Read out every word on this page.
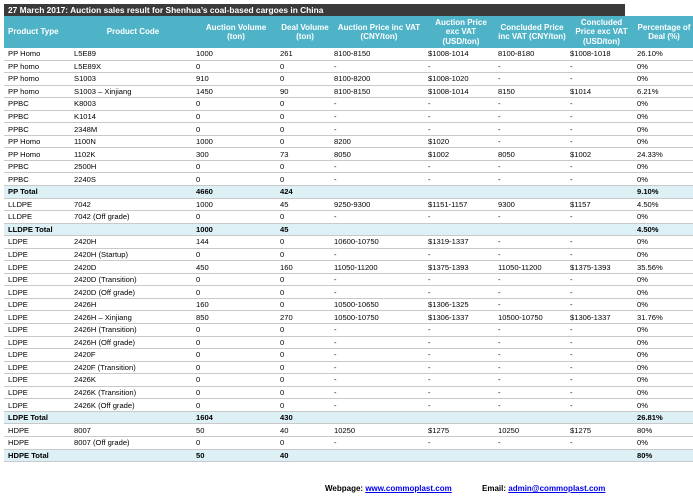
27 March 2017: Auction sales result for Shenhua’s coal-based cargoes in China
Product Type	Product Code	Auction Volume (ton)	Deal Volume (ton)	Auction Price inc VAT (CNY/ton)	Auction Price exc VAT (USD/ton)	Concluded Price inc VAT (CNY/ton)	Concluded Price exc VAT (USD/ton)	Percentage of Deal (%)
PP Homo	L5E89	1000	261	8100-8150	$1008-1014	8100-8180	$1008-1018	26.10%
PP homo	L5E89X	0	0	-	-	-	-	0%
PP homo	S1003	910	0	8100-8200	$1008-1020	-	-	0%
PP homo	S1003 – Xinjiang	1450	90	8100-8150	$1008-1014	8150	$1014	6.21%
PPBC	K8003	0	0	-	-	-	-	0%
PPBC	K1014	0	0	-	-	-	-	0%
PPBC	2348M	0	0	-	-	-	-	0%
PP Homo	1100N	1000	0	8200	$1020	-	-	0%
PP Homo	1102K	300	73	8050	$1002	8050	$1002	24.33%
PPBC	2500H	0	0	-	-	-	-	0%
PPBC	2240S	0	0	-	-	-	-	0%
PP Total		4660	424					9.10%
LLDPE	7042	1000	45	9250-9300	$1151-1157	9300	$1157	4.50%
LLDPE	7042 (Off grade)	0	0	-	-	-	-	0%
LLDPE Total		1000	45					4.50%
LDPE	2420H	144	0	10600-10750	$1319-1337	-	-	0%
LDPE	2420H (Startup)	0	0	-	-	-	-	0%
LDPE	2420D	450	160	11050-11200	$1375-1393	11050-11200	$1375-1393	35.56%
LDPE	2420D (Transition)	0	0	-	-	-	-	0%
LDPE	2420D (Off grade)	0	0	-	-	-	-	0%
LDPE	2426H	160	0	10500-10650	$1306-1325	-	-	0%
LDPE	2426H – Xinjiang	850	270	10500-10750	$1306-1337	10500-10750	$1306-1337	31.76%
LDPE	2426H (Transition)	0	0	-	-	-	-	0%
LDPE	2426H (Off grade)	0	0	-	-	-	-	0%
LDPE	2420F	0	0	-	-	-	-	0%
LDPE	2420F (Transition)	0	0	-	-	-	-	0%
LDPE	2426K	0	0	-	-	-	-	0%
LDPE	2426K (Transition)	0	0	-	-	-	-	0%
LDPE	2426K (Off grade)	0	0	-	-	-	-	0%
LDPE Total		1604	430					26.81%
HDPE	8007	50	40	10250	$1275	10250	$1275	80%
HDPE	8007 (Off grade)	0	0	-	-	-	-	0%
HDPE Total		50	40					80%
Webpage: www.commoplast.com	Email: admin@commoplast.com
